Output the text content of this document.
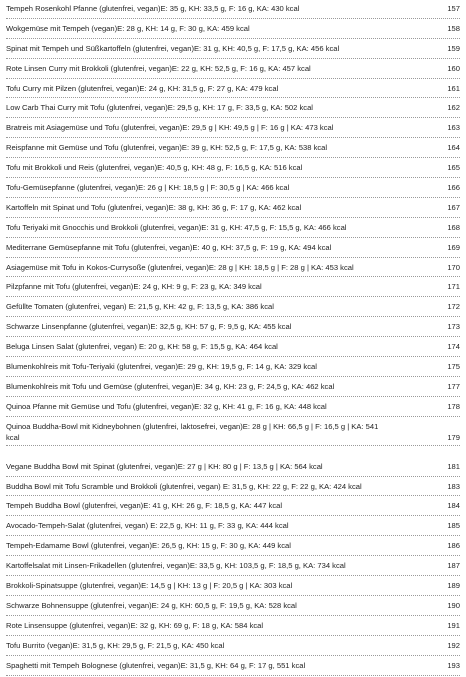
Tempeh Rosenkohl Pfanne (glutenfrei, vegan)E: 35 g, KH: 33,5 g, F: 16 g, KA: 430 kcal	157
Wokgemüse mit Tempeh (vegan)E: 28 g, KH: 14 g, F: 30 g, KA: 459 kcal	158
Spinat mit Tempeh und Süßkartoffeln (glutenfrei, vegan)E: 31 g, KH: 40,5 g, F: 17,5 g, KA: 456 kcal	159
Rote Linsen Curry mit Brokkoli (glutenfrei, vegan)E: 22 g, KH: 52,5 g, F: 16 g, KA: 457 kcal	160
Tofu Curry mit Pilzen (glutenfrei, vegan)E: 24 g, KH: 31,5 g, F: 27 g, KA: 479 kcal	161
Low Carb Thai Curry mit Tofu (glutenfrei, vegan)E: 29,5 g, KH: 17 g, F: 33,5 g, KA: 502 kcal	162
Bratreis mit Asiagemüse und Tofu (glutenfrei, vegan)E: 29,5 g | KH: 49,5 g | F: 16 g | KA: 473 kcal	163
Reispfanne mit Gemüse und Tofu (glutenfrei, vegan)E: 39 g, KH: 52,5 g, F: 17,5 g, KA: 538 kcal	164
Tofu mit Brokkoli und Reis (glutenfrei, vegan)E: 40,5 g, KH: 48 g, F: 16,5 g, KA: 516 kcal	165
Tofu-Gemüsepfanne (glutenfrei, vegan)E: 26 g | KH: 18,5 g | F: 30,5 g | KA: 466 kcal	166
Kartoffeln mit Spinat und Tofu (glutenfrei, vegan)E: 38 g, KH: 36 g, F: 17 g, KA: 462 kcal	167
Tofu Teriyaki mit Gnocchis und Brokkoli (glutenfrei, vegan)E: 31 g, KH: 47,5 g, F: 15,5 g, KA: 466 kcal	168
Mediterrane Gemüsepfanne mit Tofu (glutenfrei, vegan)E: 40 g, KH: 37,5 g, F: 19 g, KA: 494 kcal	169
Asiagemüse mit Tofu in Kokos-Currysoße (glutenfrei, vegan)E: 28 g | KH: 18,5 g | F: 28 g | KA: 453 kcal	170
Pilzpfanne mit Tofu (glutenfrei, vegan)E: 24 g, KH: 9 g, F: 23 g, KA: 349 kcal	171
Gefüllte Tomaten (glutenfrei, vegan) E: 21,5 g, KH: 42 g, F: 13,5 g, KA: 386 kcal	172
Schwarze Linsenpfanne (glutenfrei, vegan)E: 32,5 g, KH: 57 g, F: 9,5 g, KA: 455 kcal	173
Beluga Linsen Salat (glutenfrei, vegan) E: 20 g, KH: 58 g, F: 15,5 g, KA: 464 kcal	174
Blumenkohlreis mit Tofu-Teriyaki (glutenfrei, vegan)E: 29 g, KH: 19,5 g, F: 14 g, KA: 329 kcal	175
Blumenkohlreis mit Tofu und Gemüse (glutenfrei, vegan)E: 34 g, KH: 23 g, F: 24,5 g, KA: 462 kcal	177
Quinoa Pfanne mit Gemüse und Tofu (glutenfrei, vegan)E: 32 g, KH: 41 g, F: 16 g, KA: 448 kcal	178
Quinoa Buddha-Bowl mit Kidneybohnen (glutenfrei, laktosefrei, vegan)E: 28 g | KH: 66,5 g | F: 16,5 g | KA: 541
kcal	179
Vegane Buddha Bowl mit Spinat (glutenfrei, vegan)E: 27 g | KH: 80 g | F: 13,5 g | KA: 564 kcal	181
Buddha Bowl mit Tofu Scramble und Brokkoli (glutenfrei, vegan) E: 31,5 g, KH: 22 g, F: 22 g, KA: 424 kcal	183
Tempeh Buddha Bowl (glutenfrei, vegan)E: 41 g, KH: 26 g, F: 18,5 g, KA: 447 kcal	184
Avocado-Tempeh-Salat (glutenfrei, vegan) E: 22,5 g, KH: 11 g, F: 33 g, KA: 444 kcal	185
Tempeh-Edamame Bowl (glutenfrei, vegan)E: 26,5 g, KH: 15 g, F: 30 g, KA: 449 kcal	186
Kartoffelsalat mit Linsen-Frikadellen (glutenfrei, vegan)E: 33,5 g, KH: 103,5 g, F: 18,5 g, KA: 734 kcal	187
Brokkoli-Spinatsuppe (glutenfrei, vegan)E: 14,5 g | KH: 13 g | F: 20,5 g | KA: 303 kcal	189
Schwarze Bohnensuppe (glutenfrei, vegan)E: 24 g, KH: 60,5 g, F: 19,5 g, KA: 528 kcal	190
Rote Linsensuppe (glutenfrei, vegan)E: 32 g, KH: 69 g, F: 18 g, KA: 584 kcal	191
Tofu Burrito (vegan)E: 31,5 g, KH: 29,5 g, F: 21,5 g, KA: 450 kcal	192
Spaghetti mit Tempeh Bolognese (glutenfrei, vegan)E: 31,5 g, KH: 64 g, F: 17 g, 551 kcal	193
